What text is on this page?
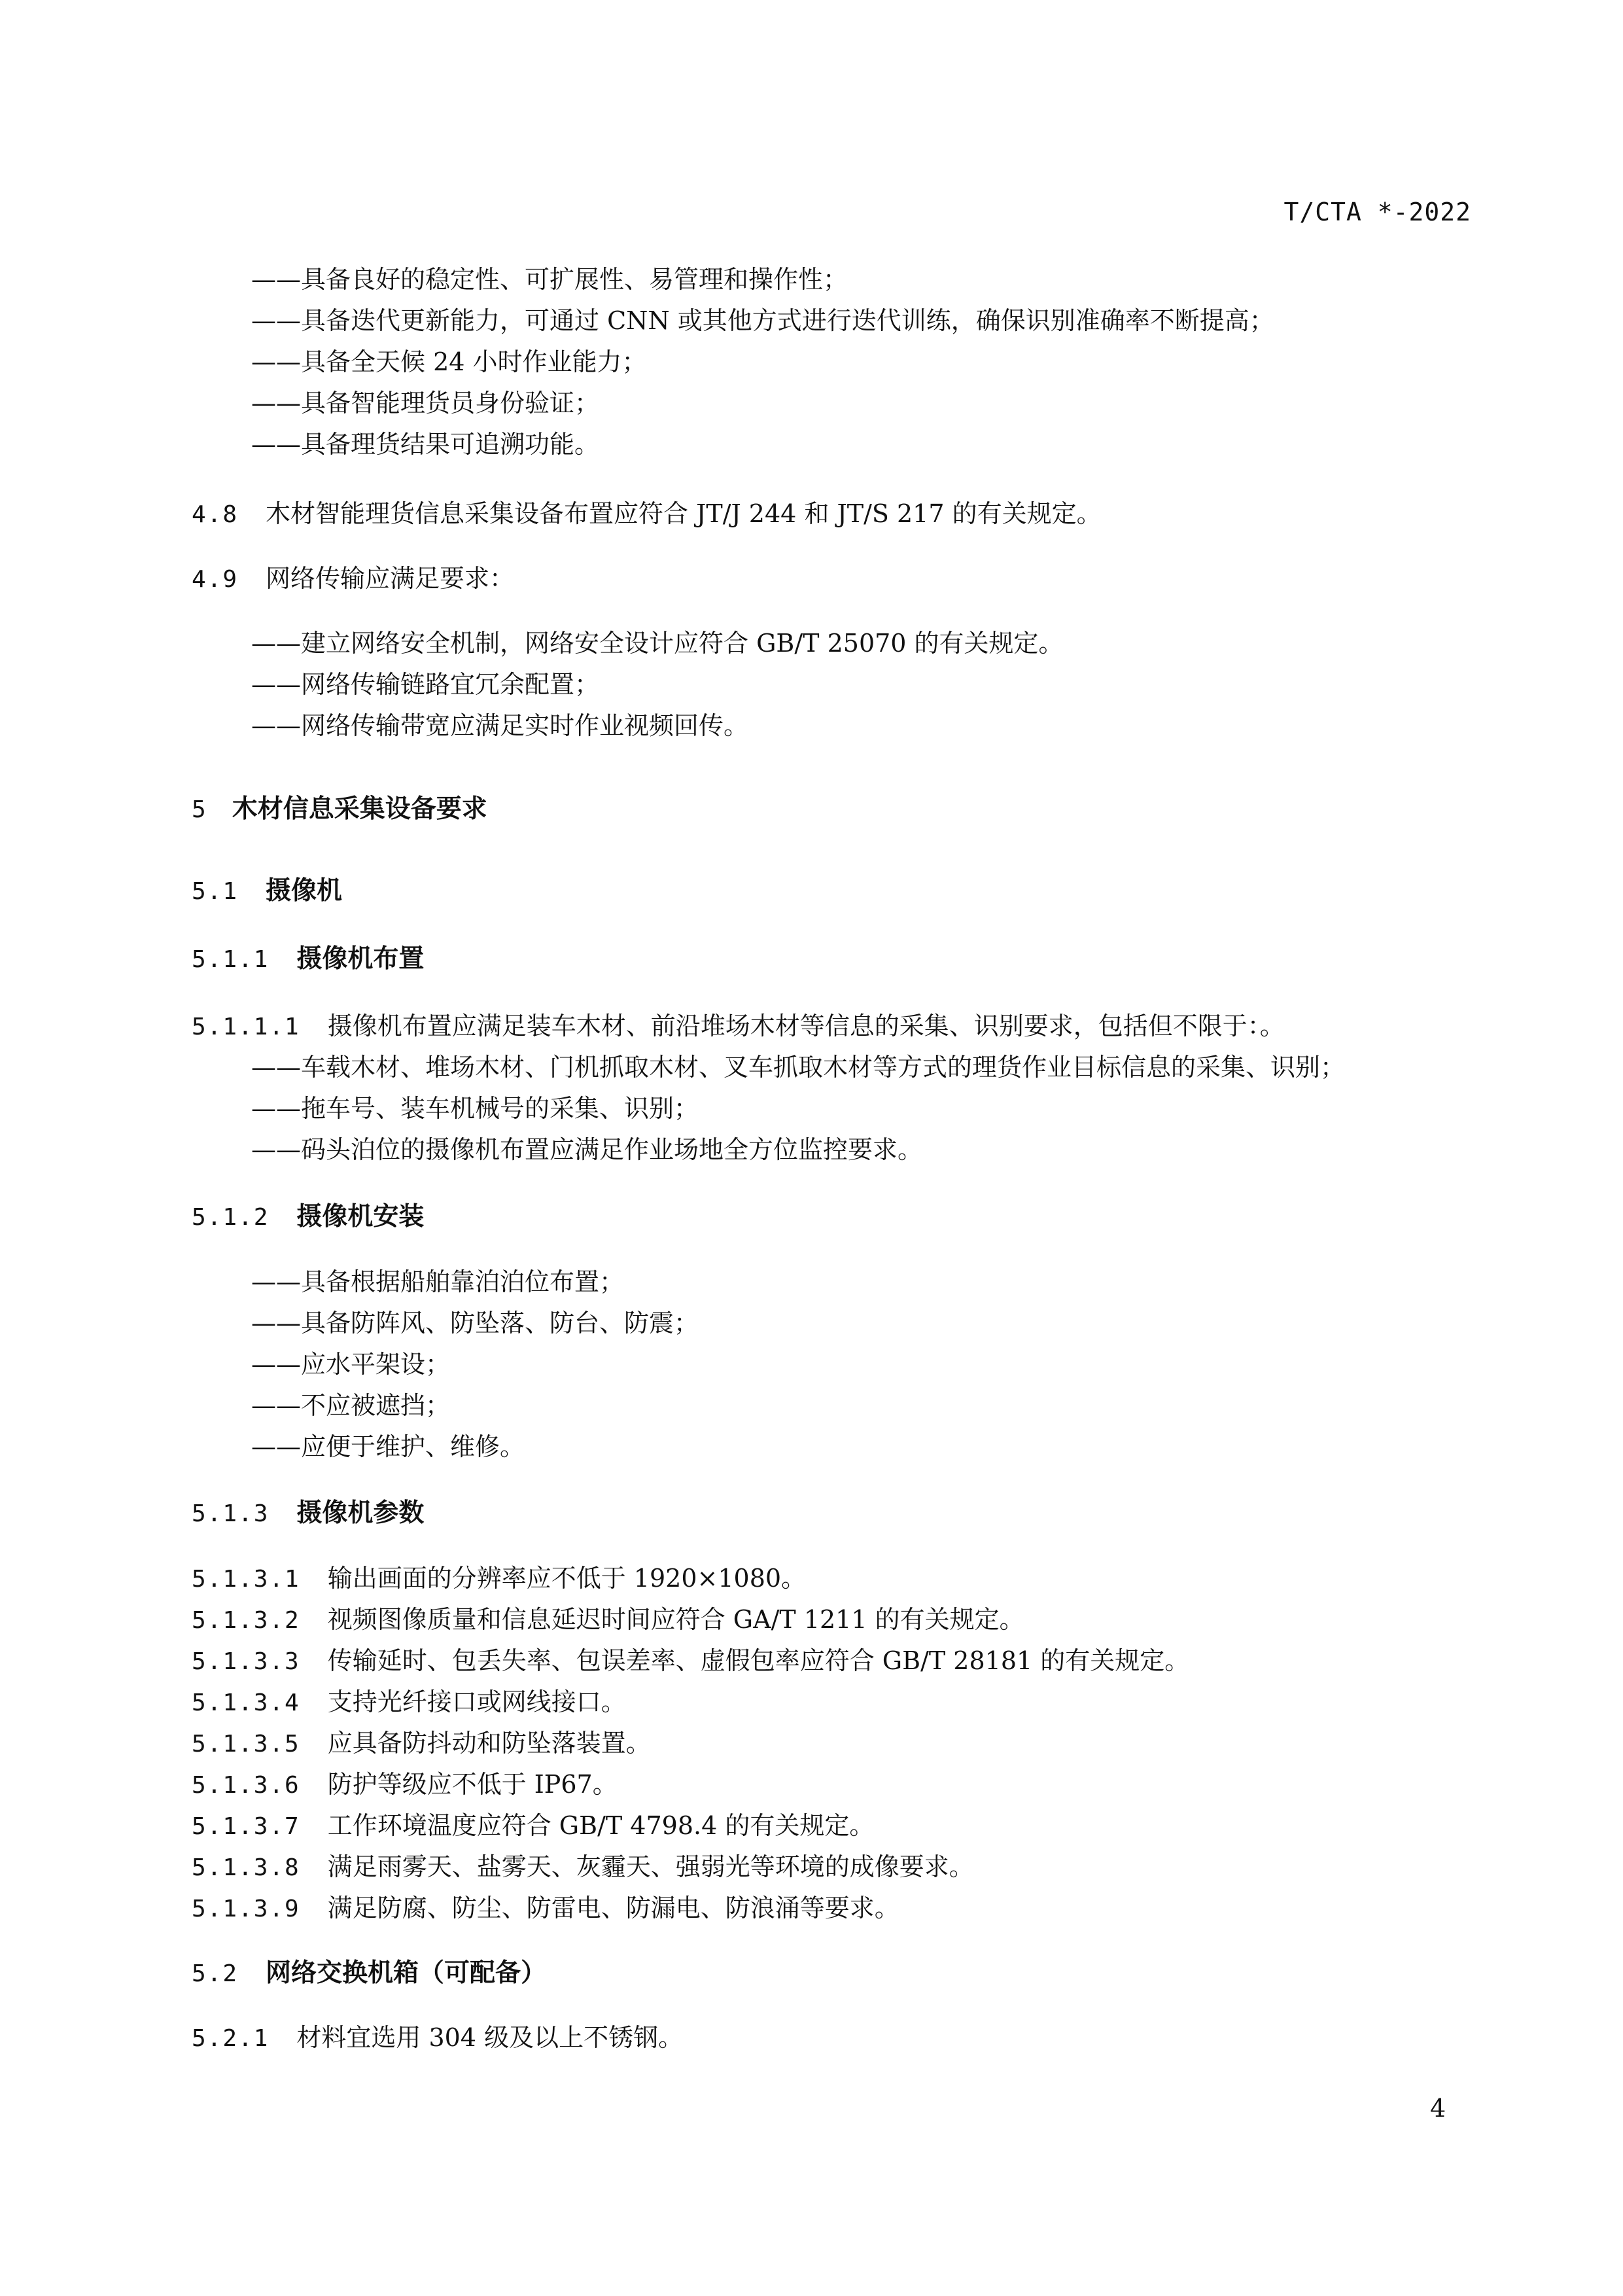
T/CTA *-2022
——具备良好的稳定性、可扩展性、易管理和操作性；
——具备迭代更新能力，可通过 CNN 或其他方式进行迭代训练，确保识别准确率不断提高；
——具备全天候 24 小时作业能力；
——具备智能理货员身份验证；
——具备理货结果可追溯功能。
4.8 木材智能理货信息采集设备布置应符合 JT/J 244 和 JT/S 217 的有关规定。
4.9 网络传输应满足要求：
——建立网络安全机制，网络安全设计应符合 GB/T 25070 的有关规定。
——网络传输链路宜冗余配置；
——网络传输带宽应满足实时作业视频回传。
5 木材信息采集设备要求
5.1 摄像机
5.1.1 摄像机布置
5.1.1.1 摄像机布置应满足装车木材、前沿堆场木材等信息的采集、识别要求，包括但不限于：。
——车载木材、堆场木材、门机抓取木材、叉车抓取木材等方式的理货作业目标信息的采集、识别；
——拖车号、装车机械号的采集、识别；
——码头泊位的摄像机布置应满足作业场地全方位监控要求。
5.1.2 摄像机安装
——具备根据船舶靠泊泊位布置；
——具备防阵风、防坠落、防台、防震；
——应水平架设；
——不应被遮挡；
——应便于维护、维修。
5.1.3 摄像机参数
5.1.3.1 输出画面的分辨率应不低于 1920×1080。
5.1.3.2 视频图像质量和信息延迟时间应符合 GA/T 1211 的有关规定。
5.1.3.3 传输延时、包丢失率、包误差率、虚假包率应符合 GB/T 28181 的有关规定。
5.1.3.4 支持光纤接口或网线接口。
5.1.3.5 应具备防抖动和防坠落装置。
5.1.3.6 防护等级应不低于 IP67。
5.1.3.7 工作环境温度应符合 GB/T 4798.4 的有关规定。
5.1.3.8 满足雨雾天、盐雾天、灰霾天、强弱光等环境的成像要求。
5.1.3.9 满足防腐、防尘、防雷电、防漏电、防浪涌等要求。
5.2 网络交换机箱（可配备）
5.2.1 材料宜选用 304 级及以上不锈钢。
4
